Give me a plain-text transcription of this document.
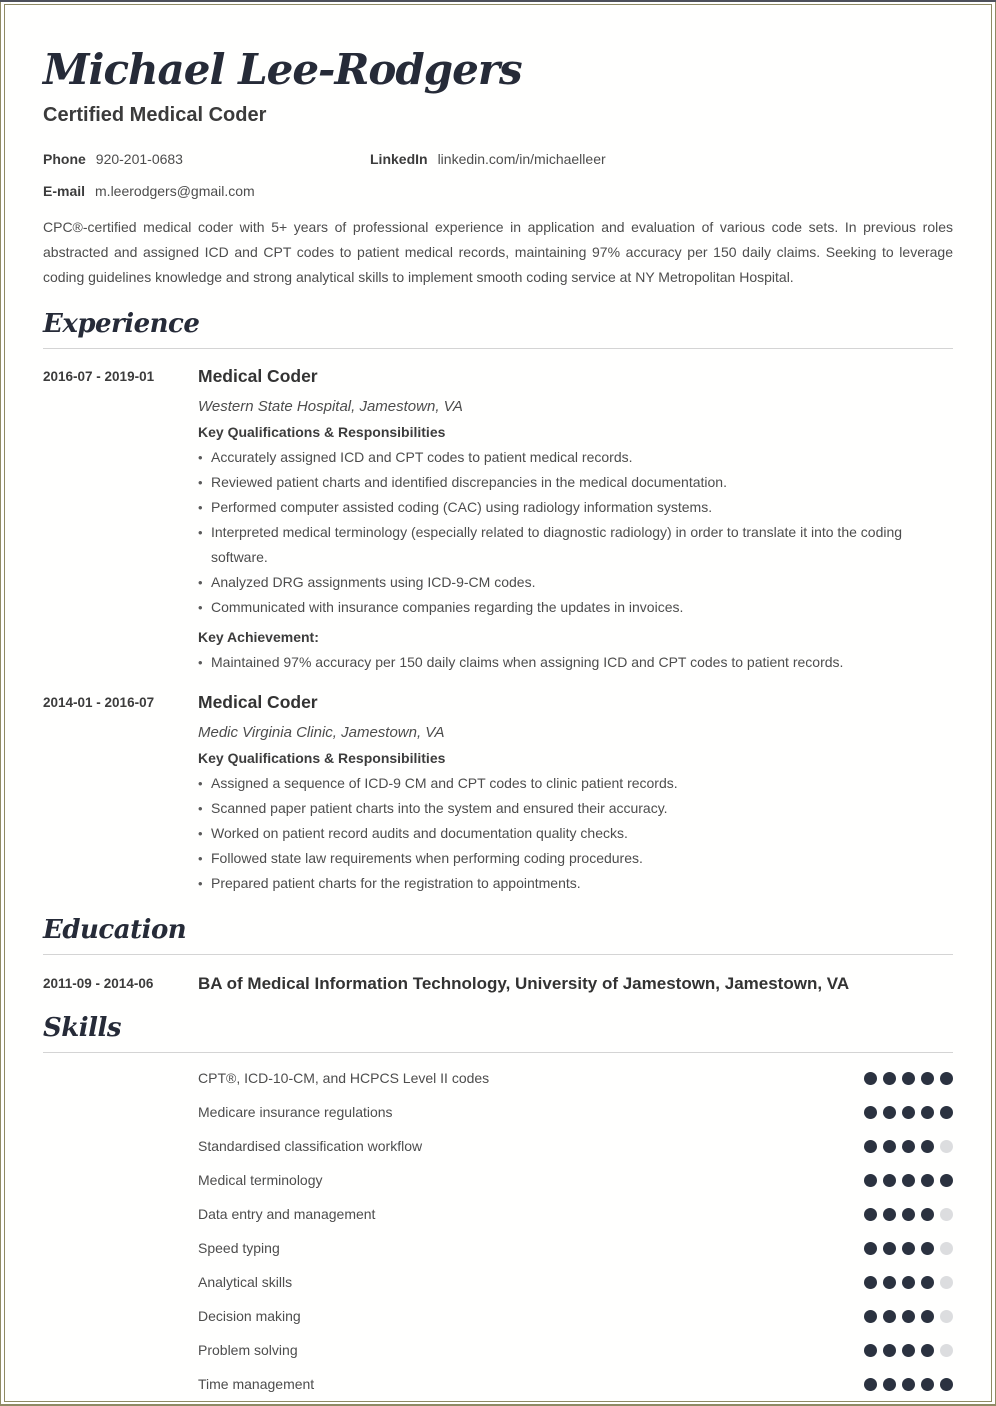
Michael Lee-Rodgers
Certified Medical Coder
Phone 920-201-0683	LinkedIn linkedin.com/in/michaelleer
E-mail m.leerodgers@gmail.com
CPC®-certified medical coder with 5+ years of professional experience in application and evaluation of various code sets. In previous roles abstracted and assigned ICD and CPT codes to patient medical records, maintaining 97% accuracy per 150 daily claims. Seeking to leverage coding guidelines knowledge and strong analytical skills to implement smooth coding service at NY Metropolitan Hospital.
Experience
2016-07 - 2019-01	Medical Coder
Western State Hospital, Jamestown, VA
Key Qualifications & Responsibilities
• Accurately assigned ICD and CPT codes to patient medical records.
• Reviewed patient charts and identified discrepancies in the medical documentation.
• Performed computer assisted coding (CAC) using radiology information systems.
• Interpreted medical terminology (especially related to diagnostic radiology) in order to translate it into the coding software.
• Analyzed DRG assignments using ICD-9-CM codes.
• Communicated with insurance companies regarding the updates in invoices.
Key Achievement:
• Maintained 97% accuracy per 150 daily claims when assigning ICD and CPT codes to patient records.
2014-01 - 2016-07	Medical Coder
Medic Virginia Clinic, Jamestown, VA
Key Qualifications & Responsibilities
• Assigned a sequence of ICD-9 CM and CPT codes to clinic patient records.
• Scanned paper patient charts into the system and ensured their accuracy.
• Worked on patient record audits and documentation quality checks.
• Followed state law requirements when performing coding procedures.
• Prepared patient charts for the registration to appointments.
Education
2011-09 - 2014-06	BA of Medical Information Technology, University of Jamestown, Jamestown, VA
Skills
CPT®, ICD-10-CM, and HCPCS Level II codes
Medicare insurance regulations
Standardised classification workflow
Medical terminology
Data entry and management
Speed typing
Analytical skills
Decision making
Problem solving
Time management
